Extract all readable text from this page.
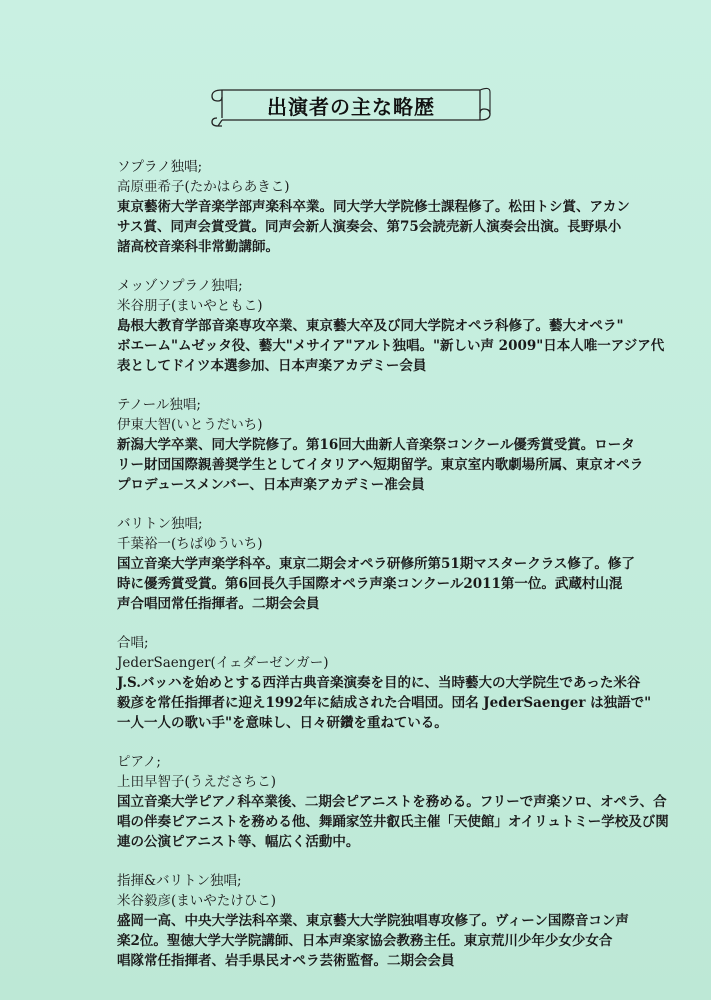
出演者の主な略歴
ソプラノ独唱;
高原亜希子(たかはらあきこ)
東京藝術大学音楽学部声楽科卒業。同大学大学院修士課程修了。松田トシ賞、アカン
サス賞、同声会賞受賞。同声会新人演奏会、第75会読売新人演奏会出演。長野県小
諸高校音楽科非常勤講師。
メッゾソプラノ独唱;
米谷朋子(まいやともこ)
島根大教育学部音楽専攻卒業、東京藝大卒及び同大学院オペラ科修了。藝大オペラ"
ボエーム"ムゼッタ役、藝大"メサイア"アルト独唱。"新しい声 2009"日本人唯一アジア代
表としてドイツ本選参加、日本声楽アカデミー会員
テノール独唱;
伊東大智(いとうだいち)
新潟大学卒業、同大学院修了。第16回大曲新人音楽祭コンクール優秀賞受賞。ロータ
リー財団国際親善奨学生としてイタリアへ短期留学。東京室内歌劇場所属、東京オペラ
プロデュースメンバー、日本声楽アカデミー准会員
バリトン独唱;
千葉裕一(ちばゆういち)
国立音楽大学声楽学科卒。東京二期会オペラ研修所第51期マスタークラス修了。修了
時に優秀賞受賞。第6回長久手国際オペラ声楽コンクール2011第一位。武蔵村山混
声合唱団常任指揮者。二期会会員
合唱;
JederSaenger(イェダーゼンガー)
J.S.バッハを始めとする西洋古典音楽演奏を目的に、当時藝大の大学院生であった米谷
毅彦を常任指揮者に迎え1992年に結成された合唱団。団名 JederSaenger は独語で"
一人一人の歌い手"を意味し、日々研鑽を重ねている。
ピアノ;
上田早智子(うえださちこ)
国立音楽大学ピアノ科卒業後、二期会ピアニストを務める。フリーで声楽ソロ、オペラ、合
唱の伴奏ピアニストを務める他、舞踊家笠井叡氏主催「天使館」オイリュトミー学校及び関
連の公演ピアニスト等、幅広く活動中。
指揮&バリトン独唱;
米谷毅彦(まいやたけひこ)
盛岡一高、中央大学法科卒業、東京藝大大学院独唱専攻修了。ヴィーン国際音コン声
楽2位。聖徳大学大学院講師、日本声楽家協会教務主任。東京荒川少年少女少女合
唱隊常任指揮者、岩手県民オペラ芸術監督。二期会会員
